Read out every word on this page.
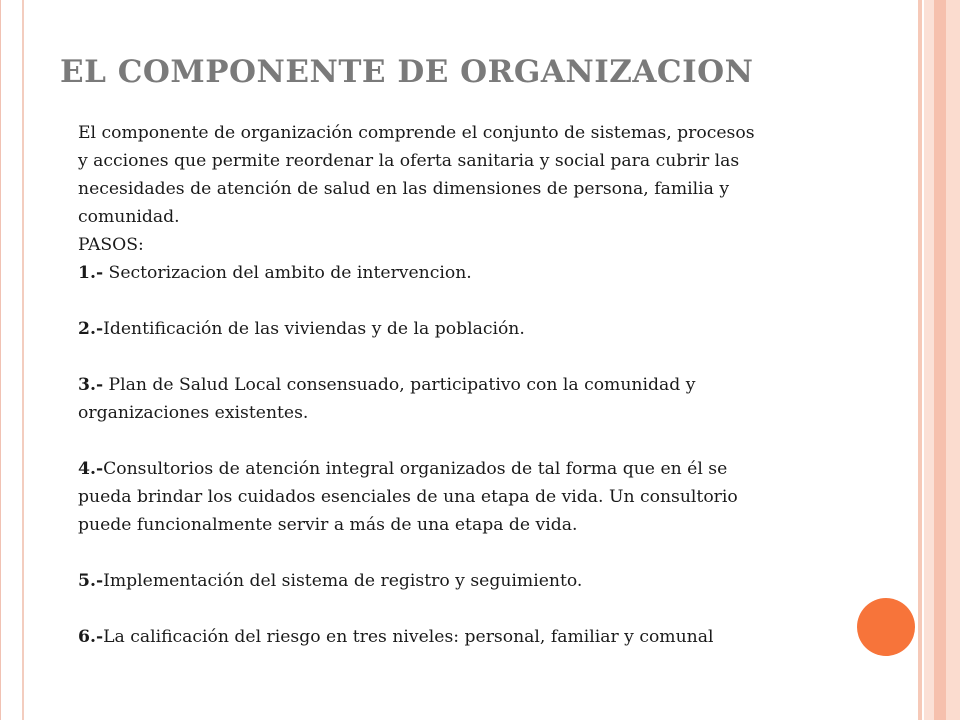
EL COMPONENTE DE ORGANIZACION

El componente de organización comprende el conjunto de sistemas, procesos

y acciones que permite reordenar la oferta sanitaria y social para cubrir las

necesidades de atención de salud en las dimensiones de persona, familia y

comunidad.

PASOS:

1.- Sectorizacion del ambito de intervencion.

2.-Identificación de las viviendas y de la población.

3.- Plan de Salud Local consensuado, participativo con la comunidad y

organizaciones existentes.

4.-Consultorios de atención integral organizados de tal forma que en él se

pueda brindar los cuidados esenciales de una etapa de vida. Un consultorio

puede funcionalmente servir a más de una etapa de vida.

5.-Implementación del sistema de registro y seguimiento.

6.-La calificación del riesgo en tres niveles: personal, familiar y comunal
